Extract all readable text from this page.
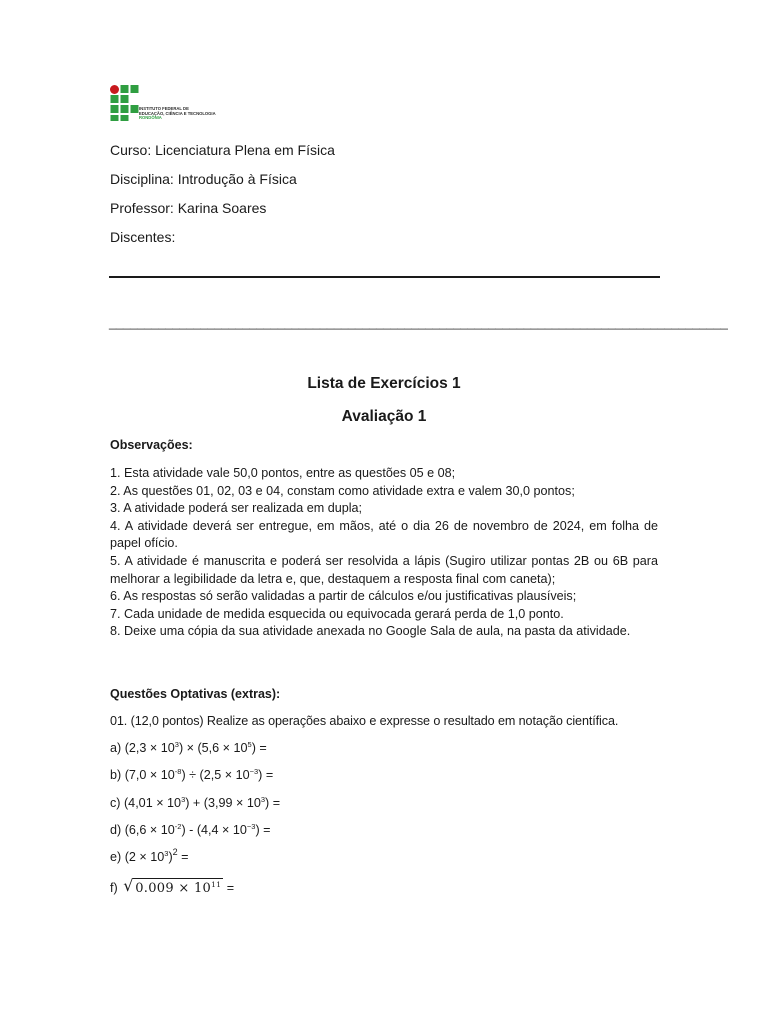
INSTITUTO FEDERAL DE
EDUCAÇÃO, CIÊNCIA E TECNOLOGIA
RONDÔNIA
Curso: Licenciatura Plena em Física
Disciplina: Introdução à Física
Professor: Karina Soares
Discentes:
________________________________________________________________________________________
Lista de Exercícios 1
Avaliação 1
Observações:

1. Esta atividade vale 50,0 pontos, entre as questões 05 e 08;

2. As questões 01, 02, 03 e 04, constam como atividade extra e valem 30,0 pontos;

3. A atividade poderá ser realizada em dupla;

4. A atividade deverá ser entregue, em mãos, até o dia 26 de novembro de 2024, em folha de papel ofício.

5. A atividade é manuscrita e poderá ser resolvida a lápis (Sugiro utilizar pontas 2B ou 6B para melhorar a legibilidade da letra e, que, destaquem a resposta final com caneta);

6. As respostas só serão validadas a partir de cálculos e/ou justificativas plausíveis;

7. Cada unidade de medida esquecida ou equivocada gerará perda de 1,0 ponto.

8. Deixe uma cópia da sua atividade anexada no Google Sala de aula, na pasta da atividade.

Questões Optativas (extras):
01. (12,0 pontos) Realize as operações abaixo e expresse o resultado em notação científica.
a) $(2,3 \times 10^3) \times (5,6 \times 10^5)$ =
b) $(7,0 \times 10^{-8}) \div (2,5 \times 10^{-3})$ =
c) $(4,01 \times 10^3) + (3,99 \times 10^3)$ =
d) $(6,6 \times 10^{-2}) - (4,4 \times 10^{-3})$ =
e) $(2 \times 10^3)^2$ =
f) √ $0.009 \times 10^{11}$ =
